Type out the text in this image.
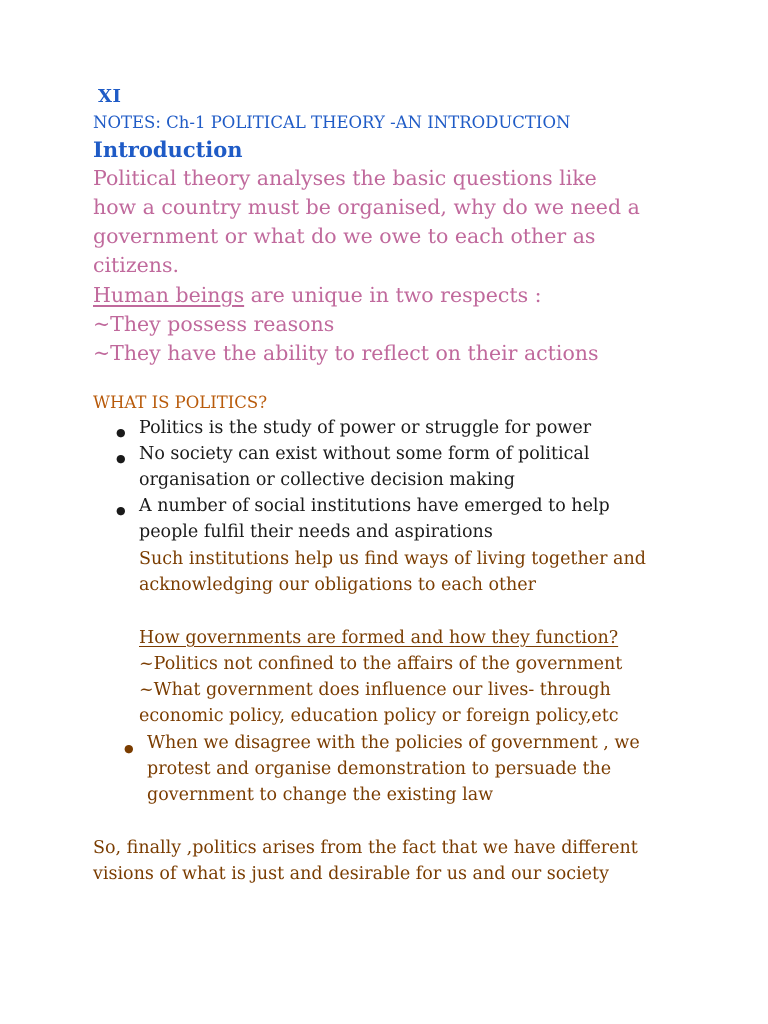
XI
NOTES: Ch-1 POLITICAL THEORY -AN INTRODUCTION
Introduction
Political theory analyses the basic questions like
how a country must be organised, why do we need a
government or what do we owe to each other as
citizens.
Human beings are unique in two respects :
~They possess reasons
~They have the ability to reflect on their actions
WHAT IS POLITICS?
● Politics is the study of power or struggle for power
● No society can exist without some form of political
organisation or collective decision making
● A number of social institutions have emerged to help
people fulfil their needs and aspirations
Such institutions help us find ways of living together and
acknowledging our obligations to each other
How governments are formed and how they function?
~Politics not confined to the affairs of the government
~What government does influence our lives- through
economic policy, education policy or foreign policy,etc
● When we disagree with the policies of government , we
protest and organise demonstration to persuade the
government to change the existing law
So, finally ,politics arises from the fact that we have different
visions of what is just and desirable for us and our society
